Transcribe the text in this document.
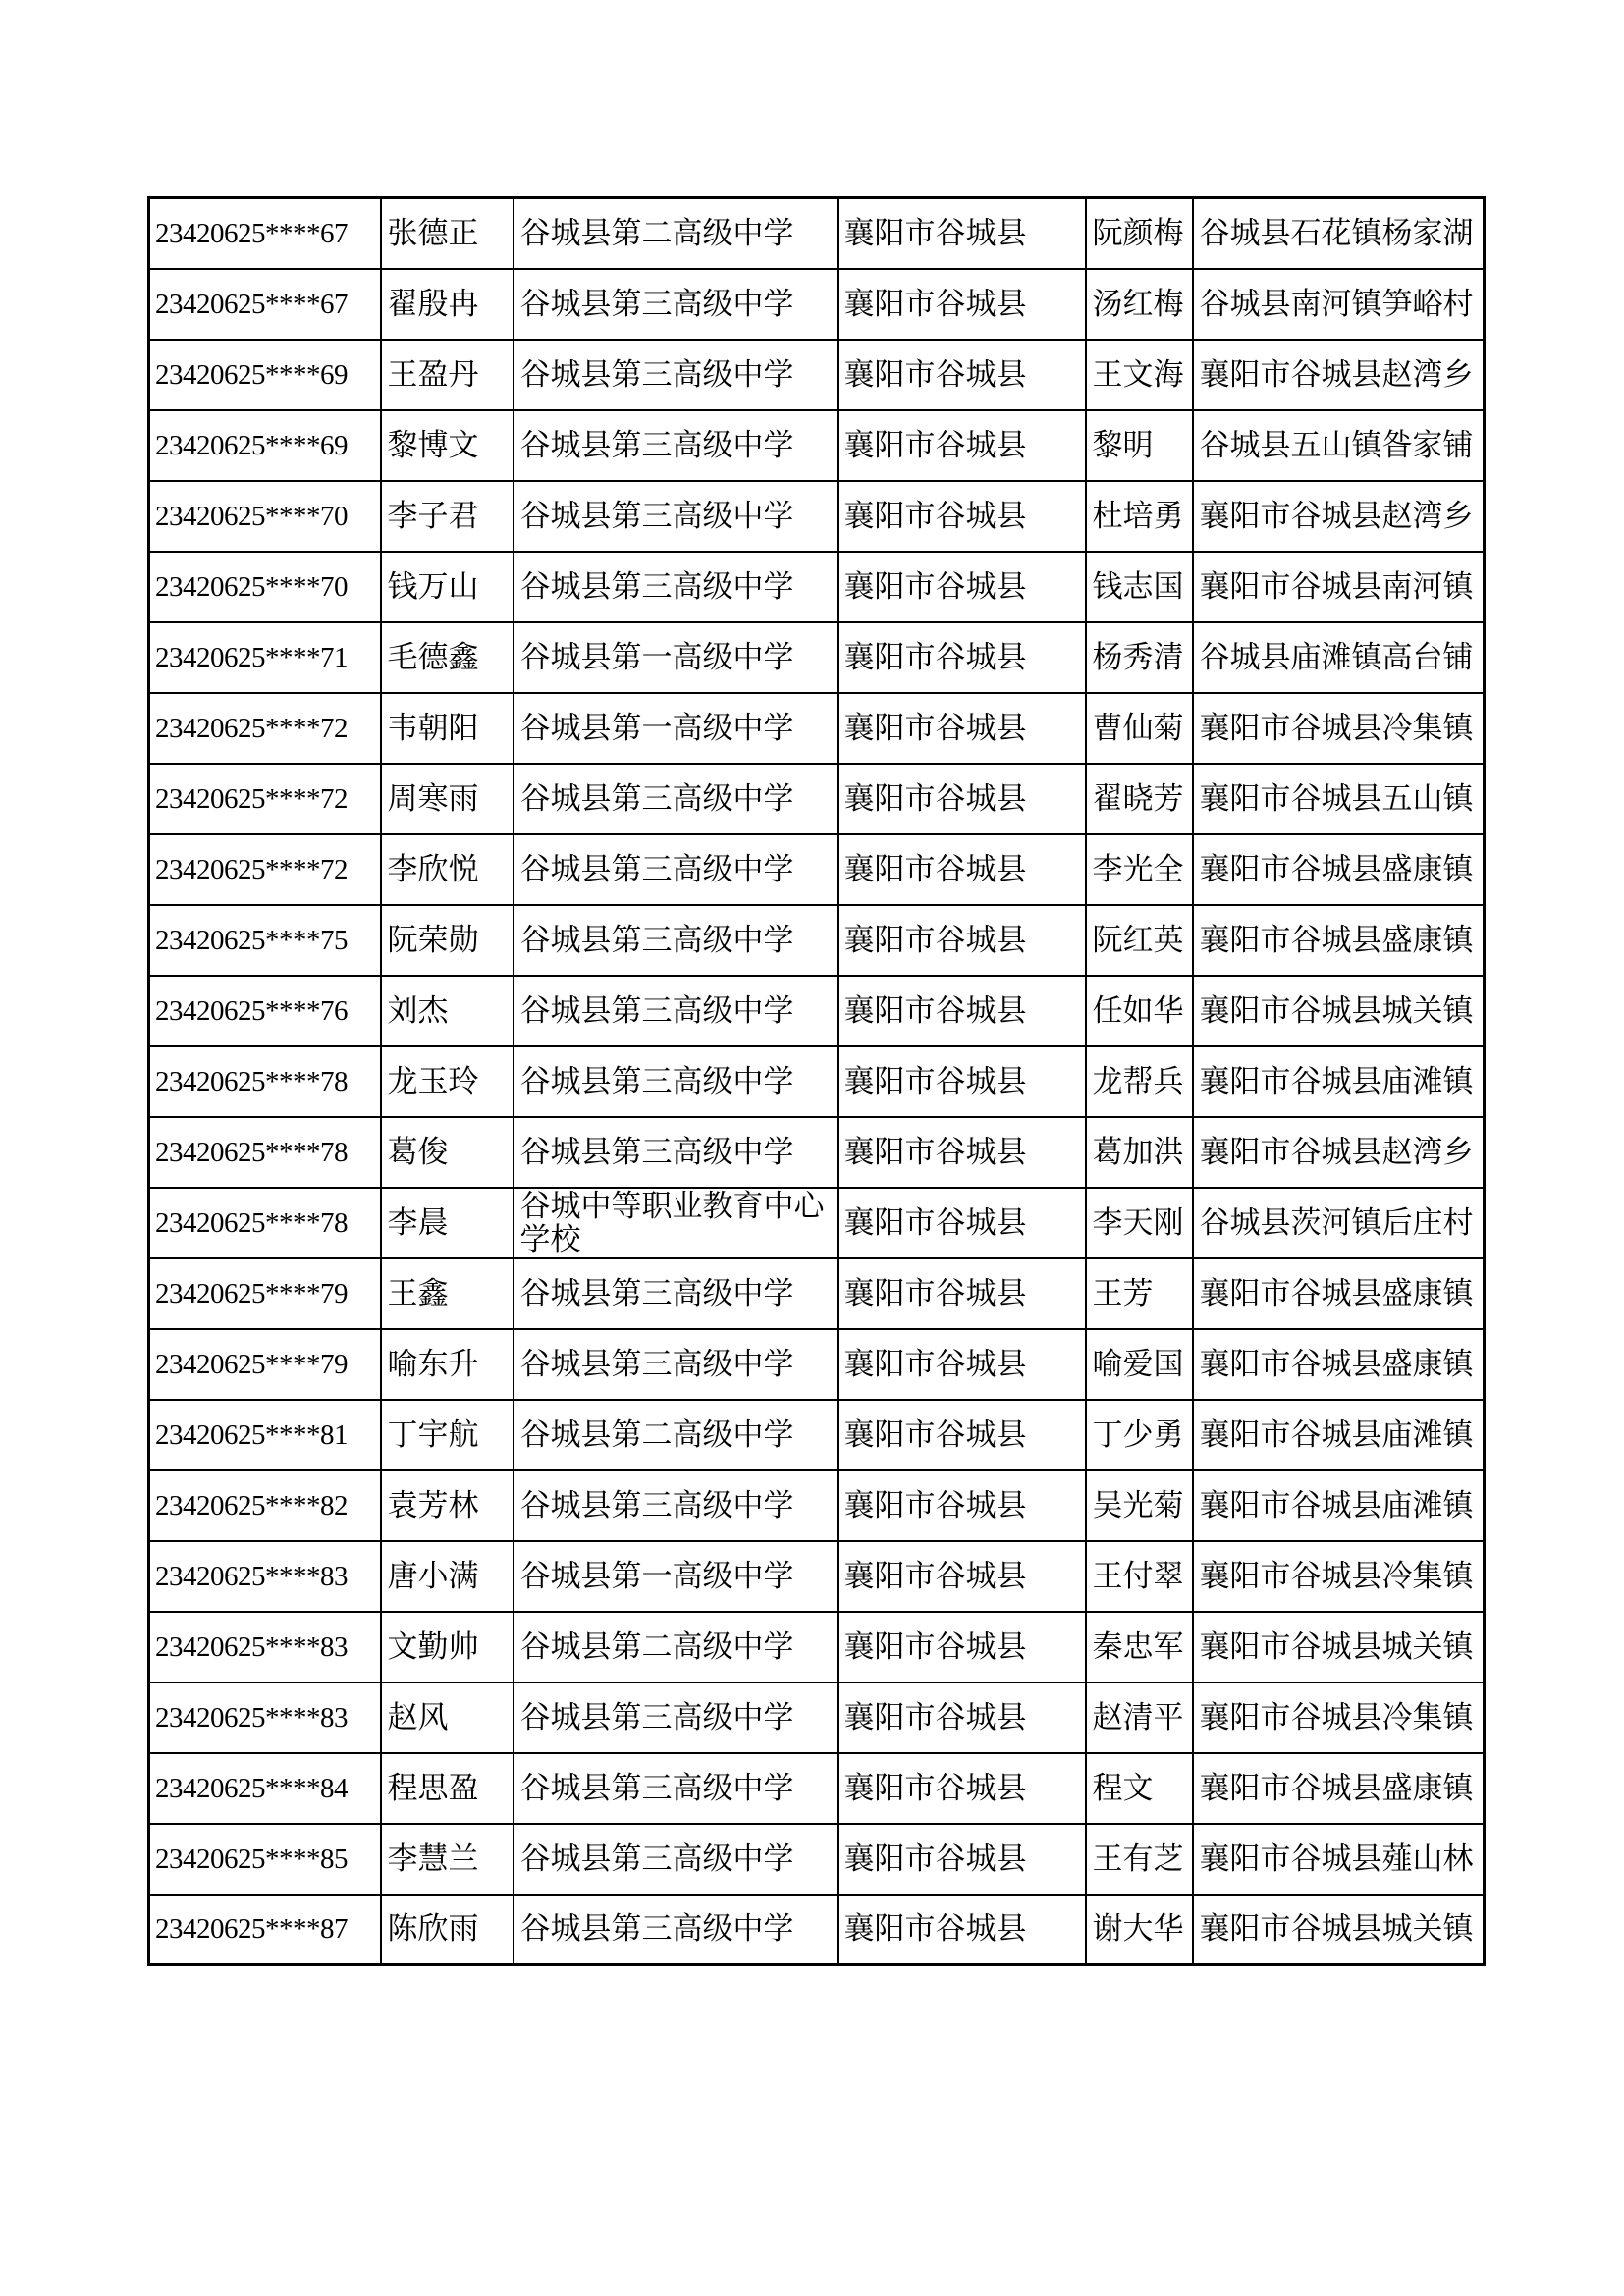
23420625****67	张德正	谷城县第二高级中学	襄阳市谷城县	阮颜梅	谷城县石花镇杨家湖
23420625****67	翟殷冉	谷城县第三高级中学	襄阳市谷城县	汤红梅	谷城县南河镇笋峪村
23420625****69	王盈丹	谷城县第三高级中学	襄阳市谷城县	王文海	襄阳市谷城县赵湾乡
23420625****69	黎博文	谷城县第三高级中学	襄阳市谷城县	黎明	谷城县五山镇昝家铺
23420625****70	李子君	谷城县第三高级中学	襄阳市谷城县	杜培勇	襄阳市谷城县赵湾乡
23420625****70	钱万山	谷城县第三高级中学	襄阳市谷城县	钱志国	襄阳市谷城县南河镇
23420625****71	毛德鑫	谷城县第一高级中学	襄阳市谷城县	杨秀清	谷城县庙滩镇高台铺
23420625****72	韦朝阳	谷城县第一高级中学	襄阳市谷城县	曹仙菊	襄阳市谷城县冷集镇
23420625****72	周寒雨	谷城县第三高级中学	襄阳市谷城县	翟晓芳	襄阳市谷城县五山镇
23420625****72	李欣悦	谷城县第三高级中学	襄阳市谷城县	李光全	襄阳市谷城县盛康镇
23420625****75	阮荣勋	谷城县第三高级中学	襄阳市谷城县	阮红英	襄阳市谷城县盛康镇
23420625****76	刘杰	谷城县第三高级中学	襄阳市谷城县	任如华	襄阳市谷城县城关镇
23420625****78	龙玉玲	谷城县第三高级中学	襄阳市谷城县	龙帮兵	襄阳市谷城县庙滩镇
23420625****78	葛俊	谷城县第三高级中学	襄阳市谷城县	葛加洪	襄阳市谷城县赵湾乡
23420625****78	李晨	谷城中等职业教育中心学校	襄阳市谷城县	李天刚	谷城县茨河镇后庄村
23420625****79	王鑫	谷城县第三高级中学	襄阳市谷城县	王芳	襄阳市谷城县盛康镇
23420625****79	喻东升	谷城县第三高级中学	襄阳市谷城县	喻爱国	襄阳市谷城县盛康镇
23420625****81	丁宇航	谷城县第二高级中学	襄阳市谷城县	丁少勇	襄阳市谷城县庙滩镇
23420625****82	袁芳林	谷城县第三高级中学	襄阳市谷城县	吴光菊	襄阳市谷城县庙滩镇
23420625****83	唐小满	谷城县第一高级中学	襄阳市谷城县	王付翠	襄阳市谷城县冷集镇
23420625****83	文勤帅	谷城县第二高级中学	襄阳市谷城县	秦忠军	襄阳市谷城县城关镇
23420625****83	赵风	谷城县第三高级中学	襄阳市谷城县	赵清平	襄阳市谷城县冷集镇
23420625****84	程思盈	谷城县第三高级中学	襄阳市谷城县	程文	襄阳市谷城县盛康镇
23420625****85	李慧兰	谷城县第三高级中学	襄阳市谷城县	王有芝	襄阳市谷城县薤山林
23420625****87	陈欣雨	谷城县第三高级中学	襄阳市谷城县	谢大华	襄阳市谷城县城关镇
